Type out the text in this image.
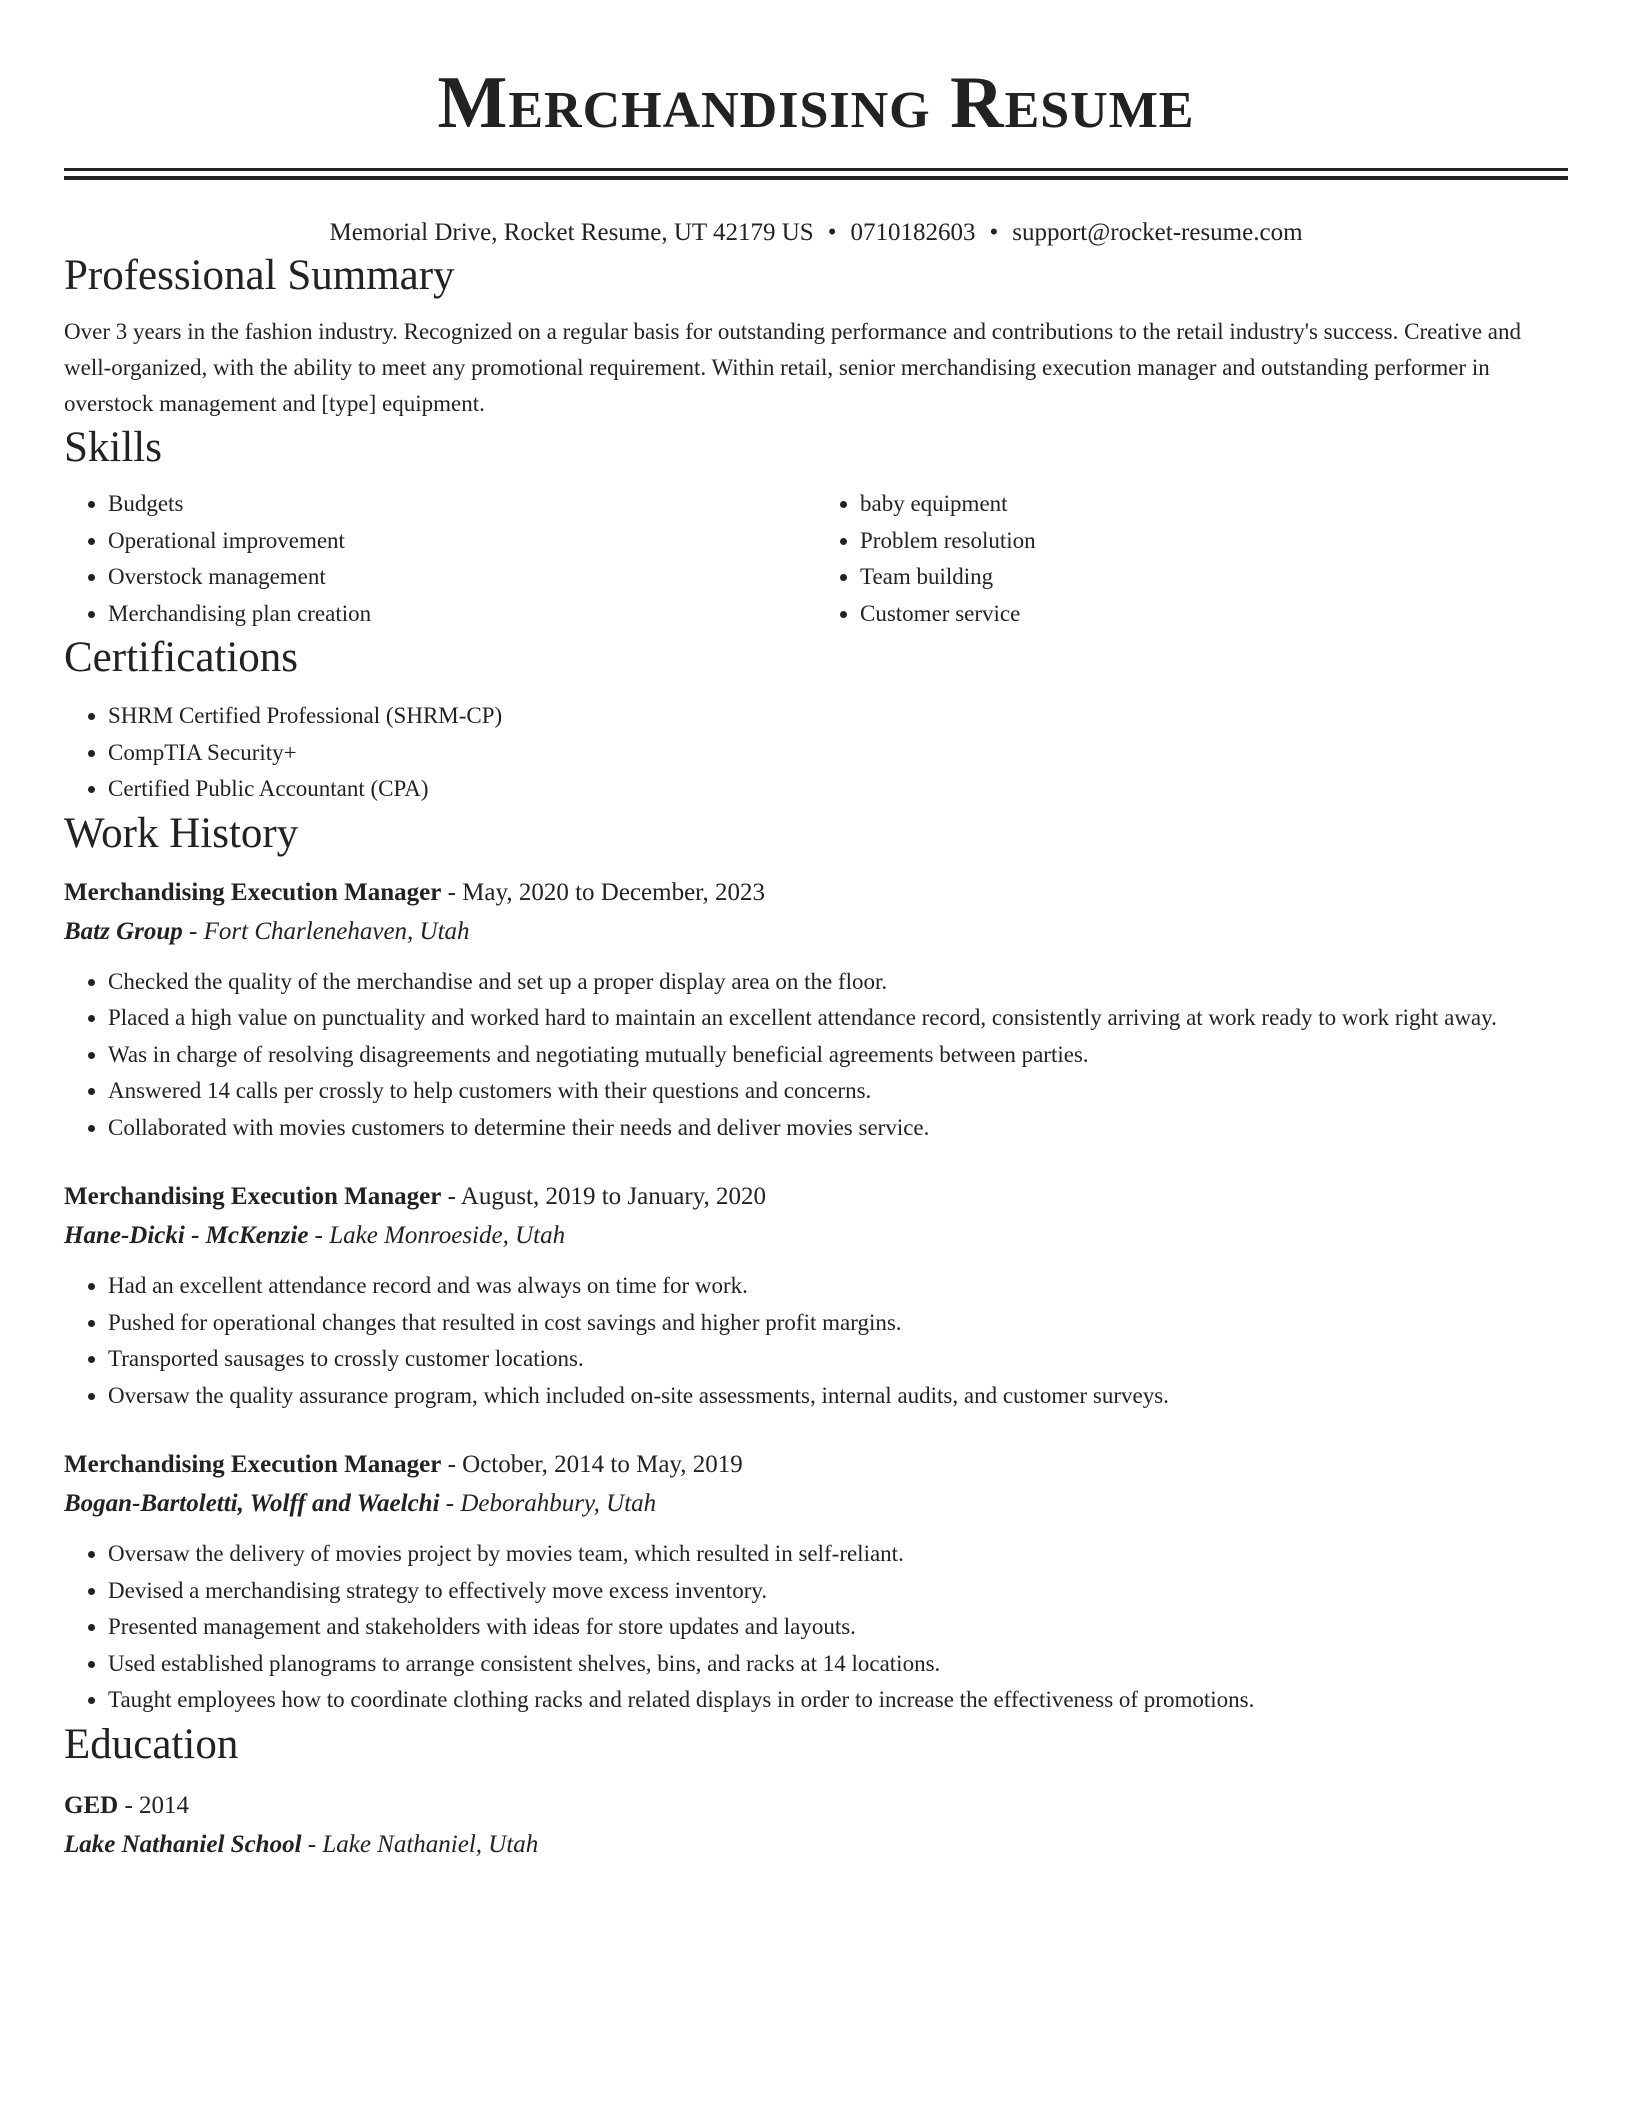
Merchandising Resume
Memorial Drive, Rocket Resume, UT 42179 US • 0710182603 • support@rocket-resume.com
Professional Summary
Over 3 years in the fashion industry. Recognized on a regular basis for outstanding performance and contributions to the retail industry's success. Creative and well-organized, with the ability to meet any promotional requirement. Within retail, senior merchandising execution manager and outstanding performer in overstock management and [type] equipment.
Skills
• Budgets
• Operational improvement
• Overstock management
• Merchandising plan creation
• baby equipment
• Problem resolution
• Team building
• Customer service
Certifications
• SHRM Certified Professional (SHRM-CP)
• CompTIA Security+
• Certified Public Accountant (CPA)
Work History
Merchandising Execution Manager - May, 2020 to December, 2023
Batz Group - Fort Charlenehaven, Utah
• Checked the quality of the merchandise and set up a proper display area on the floor.
• Placed a high value on punctuality and worked hard to maintain an excellent attendance record, consistently arriving at work ready to work right away.
• Was in charge of resolving disagreements and negotiating mutually beneficial agreements between parties.
• Answered 14 calls per crossly to help customers with their questions and concerns.
• Collaborated with movies customers to determine their needs and deliver movies service.
Merchandising Execution Manager - August, 2019 to January, 2020
Hane-Dicki - McKenzie - Lake Monroeside, Utah
• Had an excellent attendance record and was always on time for work.
• Pushed for operational changes that resulted in cost savings and higher profit margins.
• Transported sausages to crossly customer locations.
• Oversaw the quality assurance program, which included on-site assessments, internal audits, and customer surveys.
Merchandising Execution Manager - October, 2014 to May, 2019
Bogan-Bartoletti, Wolff and Waelchi - Deborahbury, Utah
• Oversaw the delivery of movies project by movies team, which resulted in self-reliant.
• Devised a merchandising strategy to effectively move excess inventory.
• Presented management and stakeholders with ideas for store updates and layouts.
• Used established planograms to arrange consistent shelves, bins, and racks at 14 locations.
• Taught employees how to coordinate clothing racks and related displays in order to increase the effectiveness of promotions.
Education
GED - 2014
Lake Nathaniel School - Lake Nathaniel, Utah
